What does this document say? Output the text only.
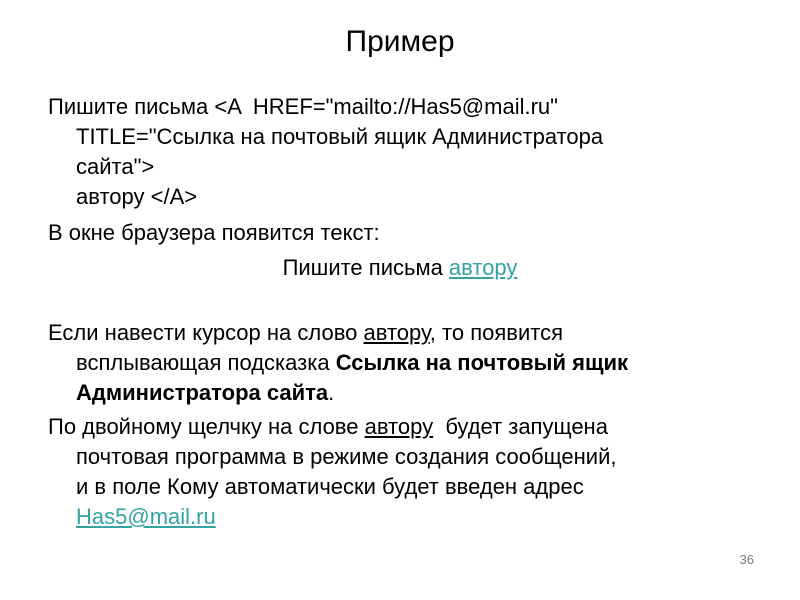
Пример
Пишите письма <A  HREF="mailto://Has5@mail.ru"
TITLE="Ссылка на почтовый ящик Администратора
сайта">
автору </A>
В окне браузера появится текст:
Пишите письма автору
Если навести курсор на слово автору, то появится
всплывающая подсказка Ссылка на почтовый ящик
Администратора сайта.
По двойному щелчку на слове автору  будет запущена
почтовая программа в режиме создания сообщений,
и в поле Кому автоматически будет введен адрес
Has5@mail.ru
36
